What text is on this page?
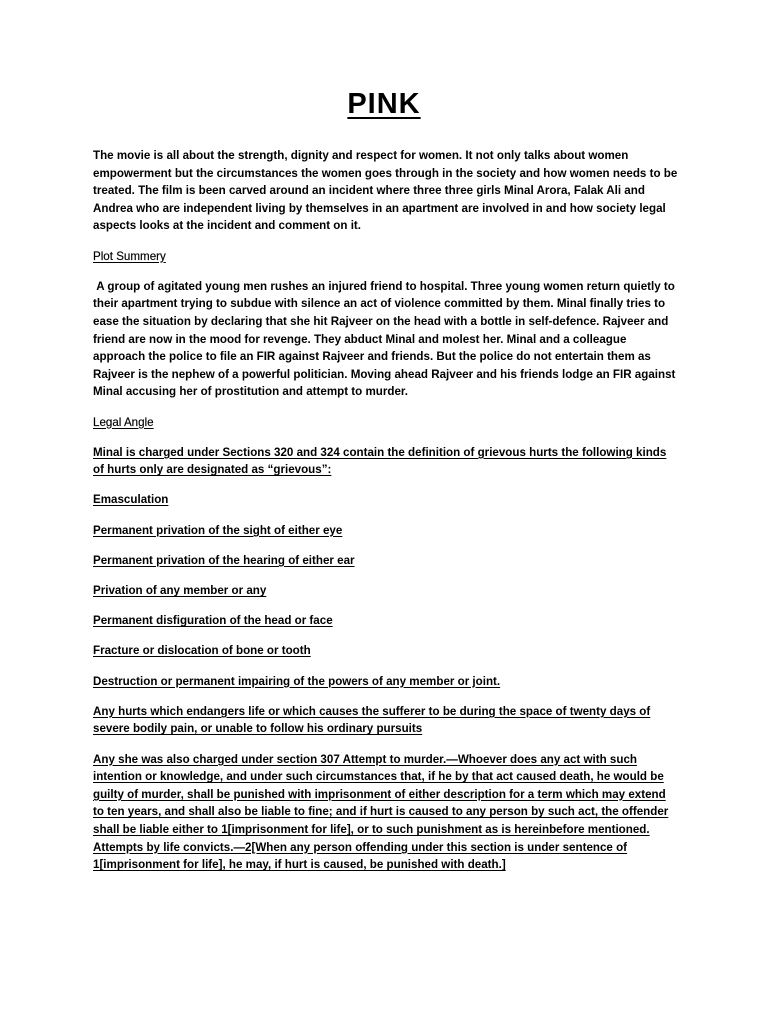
PINK

The movie is all about the strength, dignity and respect for women. It not only talks about women empowerment but the circumstances the women goes through in the society and how women needs to be treated. The film is been carved around an incident where three three girls Minal Arora, Falak Ali and Andrea who are independent living by themselves in an apartment are involved in and how society legal aspects looks at the incident and comment on it.

Plot Summery

A group of agitated young men rushes an injured friend to hospital. Three young women return quietly to their apartment trying to subdue with silence an act of violence committed by them. Minal finally tries to ease the situation by declaring that she hit Rajveer on the head with a bottle in self-defence. Rajveer and friend are now in the mood for revenge. They abduct Minal and molest her. Minal and a colleague approach the police to file an FIR against Rajveer and friends. But the police do not entertain them as Rajveer is the nephew of a powerful politician. Moving ahead Rajveer and his friends lodge an FIR against Minal accusing her of prostitution and attempt to murder.

Legal Angle

Minal is charged under Sections 320 and 324 contain the definition of grievous hurts the following kinds of hurts only are designated as “grievous”:

Emasculation

Permanent privation of the sight of either eye

Permanent privation of the hearing of either ear

Privation of any member or any

Permanent disfiguration of the head or face

Fracture or dislocation of bone or tooth

Destruction or permanent impairing of the powers of any member or joint.

Any hurts which endangers life or which causes the sufferer to be during the space of twenty days of severe bodily pain, or unable to follow his ordinary pursuits

Any she was also charged under section 307 Attempt to murder.—Whoever does any act with such intention or knowledge, and under such circumstances that, if he by that act caused death, he would be guilty of murder, shall be punished with imprisonment of either description for a term which may extend to ten years, and shall also be liable to fine; and if hurt is caused to any person by such act, the offender shall be liable either to 1[imprisonment for life], or to such punishment as is hereinbefore mentioned. Attempts by life convicts.—2[When any person offending under this section is under sentence of 1[imprisonment for life], he may, if hurt is caused, be punished with death.]
